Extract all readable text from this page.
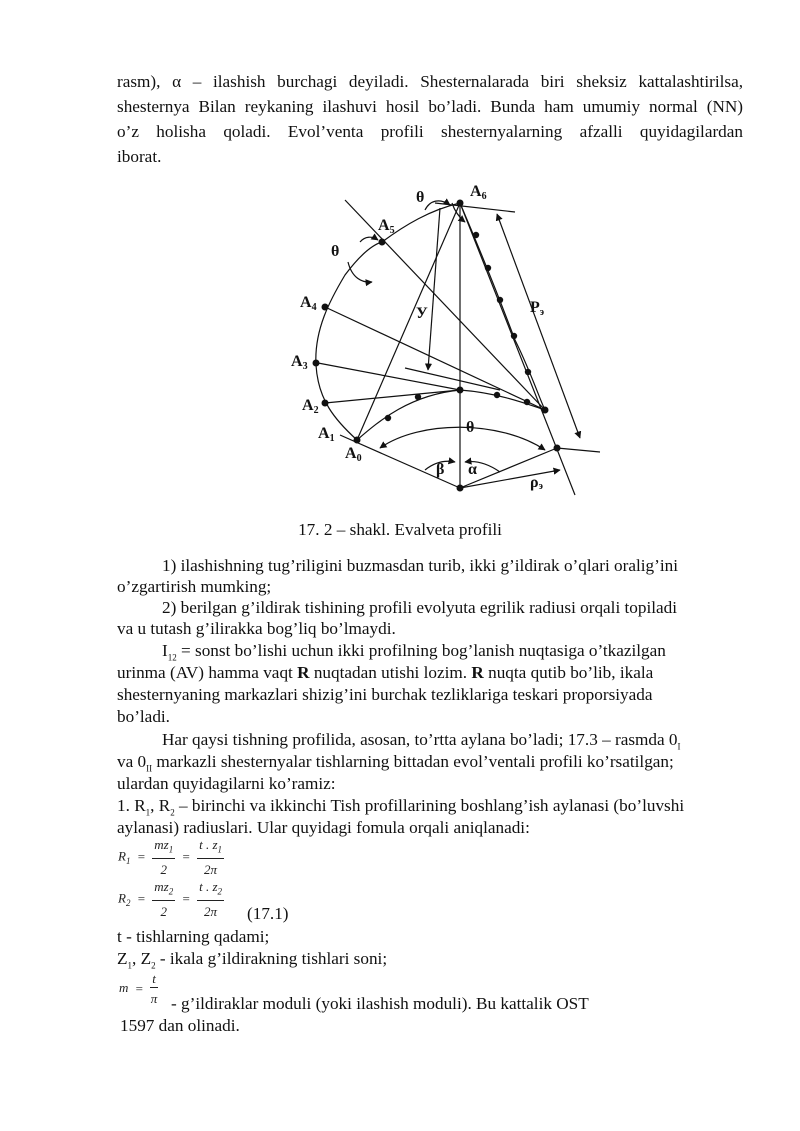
rasm), α – ilashish burchagi deyiladi. Shesternalarada biri sheksiz kattalashtirilsa,
shesternya Bilan reykaning ilashuvi hosil bo’ladi. Bunda ham umumiy normal (NN)
o’z holisha qoladi. Evol’venta profili shesternyalarning afzalli quyidagilardan
iborat.
A0
A1
A2
A3
A4
A5
A6
θ
θ
θ
У	Рэ
ρэ
β α
17. 2 – shakl. Evalveta profili
1) ilashishning tug’riligini buzmasdan turib, ikki g’ildirak o’qlari oralig’ini
o’zgartirish mumking;
2) berilgan g’ildirak tishining profili evolyuta egrilik radiusi orqali topiladi
va u tutash g’ilirakka bog’liq bo’lmaydi.
$I_{12}$ = sonst bo’lishi uchun ikki profilning bog’lanish nuqtasiga o’tkazilgan
urinma (AV) hamma vaqt R nuqtadan utishi lozim. R nuqta qutib bo’lib, ikala
shesternyaning markazlari shizig’ini burchak tezliklariga teskari proporsiyada
bo’ladi.
Har qaysi tishning profilida, asosan, to’rtta aylana bo’ladi; 17.3 – rasmda $0_I$
va $0_{II}$ markazli shesternyalar tishlarning bittadan evol’ventali profili ko’rsatilgan;
ulardan quyidagilarni ko’ramiz:
1. $R_1$, $R_2$ – birinchi va ikkinchi Tish profillarining boshlang’ish aylanasi (bo’luvshi
aylanasi) radiuslari. Ular quyidagi fomula orqali aniqlanadi:
$R_1 = \frac{mz_1}{2} = \frac{t . z_1}{2\pi}$
$R_2 = \frac{mz_2}{2} = \frac{t . z_2}{2\pi} (17.1)$
t - tishlarning qadami;
$Z_1$, $Z_2$ - ikala g’ildirakning tishlari soni;
$m = \frac{t}{\pi}$ - g’ildiraklar moduli (yoki ilashish moduli). Bu kattalik OST
1597 dan olinadi.
